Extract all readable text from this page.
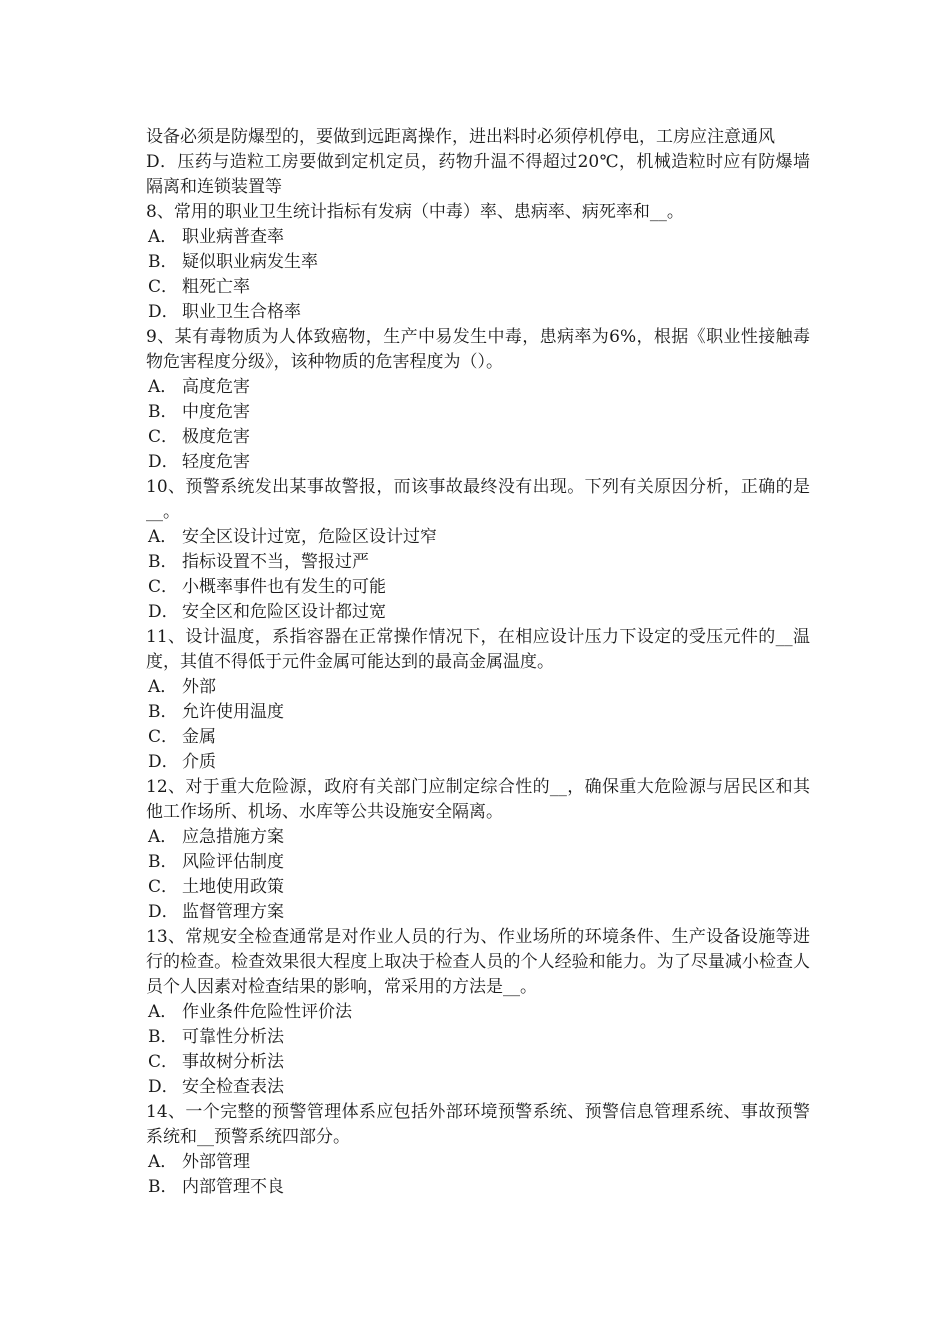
设备必须是防爆型的，要做到远距离操作，进出料时必须停机停电，工房应注意通风

D．压药与造粒工房要做到定机定员，药物升温不得超过20℃，机械造粒时应有防爆墙隔离和连锁装置等

8、常用的职业卫生统计指标有发病（中毒）率、患病率、病死率和__。

A． 职业病普查率

B． 疑似职业病发生率

C． 粗死亡率

D． 职业卫生合格率

9、某有毒物质为人体致癌物，生产中易发生中毒，患病率为6%，根据《职业性接触毒物危害程度分级》，该种物质的危害程度为（）。

A． 高度危害

B． 中度危害

C． 极度危害

D． 轻度危害

10、预警系统发出某事故警报，而该事故最终没有出现。下列有关原因分析，正确的是__。

A． 安全区设计过宽，危险区设计过窄

B． 指标设置不当，警报过严

C． 小概率事件也有发生的可能

D． 安全区和危险区设计都过宽

11、设计温度，系指容器在正常操作情况下，在相应设计压力下设定的受压元件的__温度，其值不得低于元件金属可能达到的最高金属温度。

A． 外部

B． 允许使用温度

C． 金属

D． 介质

12、对于重大危险源，政府有关部门应制定综合性的__，确保重大危险源与居民区和其他工作场所、机场、水库等公共设施安全隔离。

A． 应急措施方案

B． 风险评估制度

C． 土地使用政策

D． 监督管理方案

13、常规安全检查通常是对作业人员的行为、作业场所的环境条件、生产设备设施等进行的检查。检查效果很大程度上取决于检查人员的个人经验和能力。为了尽量减小检查人员个人因素对检查结果的影响，常采用的方法是__。

A． 作业条件危险性评价法

B． 可靠性分析法

C． 事故树分析法

D． 安全检查表法

14、一个完整的预警管理体系应包括外部环境预警系统、预警信息管理系统、事故预警系统和__预警系统四部分。

A． 外部管理

B． 内部管理不良
